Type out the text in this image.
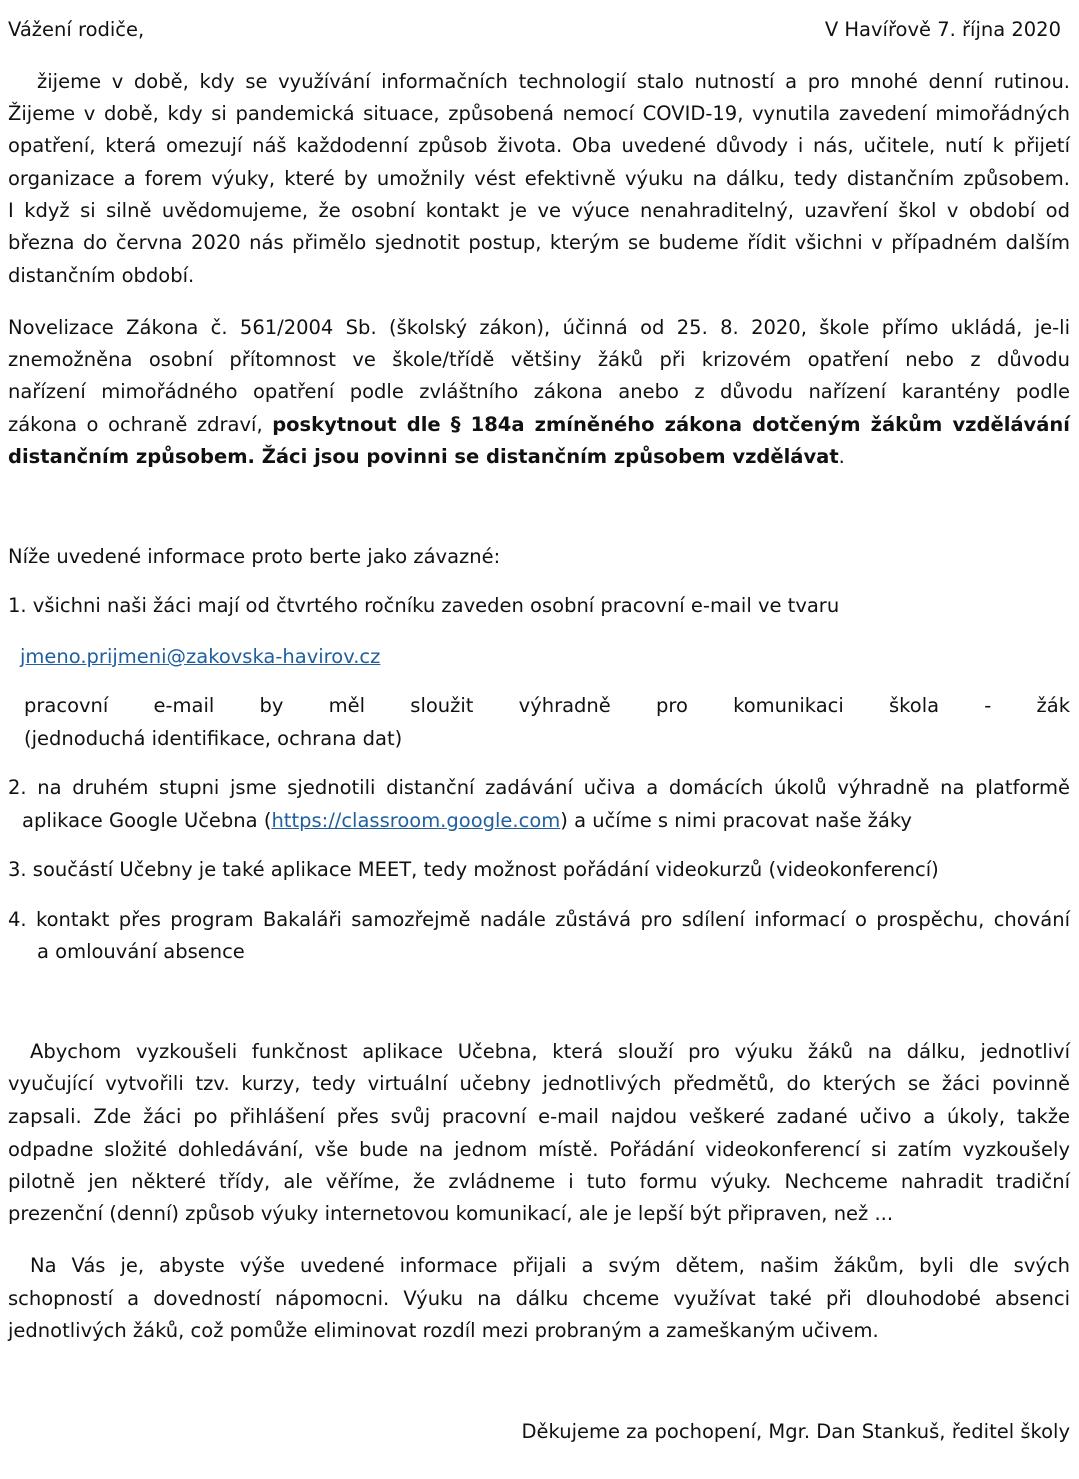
Vážení rodiče,	V Havířově 7. října 2020
žijeme v době, kdy se využívání informačních technologií stalo nutností a pro mnohé denní rutinou.
Žijeme v době, kdy si pandemická situace, způsobená nemocí COVID-19, vynutila zavedení mimořádných
opatření, která omezují náš každodenní způsob života. Oba uvedené důvody i nás, učitele, nutí k přijetí
organizace a forem výuky, které by umožnily vést efektivně výuku na dálku, tedy distančním způsobem.
I když si silně uvědomujeme, že osobní kontakt je ve výuce nenahraditelný, uzavření škol v období od
března do června 2020 nás přimělo sjednotit postup, kterým se budeme řídit všichni v případném dalším
distančním období.
Novelizace Zákona č. 561/2004 Sb. (školský zákon), účinná od 25. 8. 2020, škole přímo ukládá, je-li
znemožněna osobní přítomnost ve škole/třídě většiny žáků při krizovém opatření nebo z důvodu
nařízení mimořádného opatření podle zvláštního zákona anebo z důvodu nařízení karantény podle
zákona o ochraně zdraví, poskytnout dle § 184a zmíněného zákona dotčeným žákům vzdělávání
distančním způsobem. Žáci jsou povinni se distančním způsobem vzdělávat.
Níže uvedené informace proto berte jako závazné:
1. všichni naši žáci mají od čtvrtého ročníku zaveden osobní pracovní e-mail ve tvaru
jmeno.prijmeni@zakovska-havirov.cz
pracovní e-mail by měl sloužit výhradně pro komunikaci škola - žák
(jednoduchá identifikace, ochrana dat)
2. na druhém stupni jsme sjednotili distanční zadávání učiva a domácích úkolů výhradně na platformě
aplikace Google Učebna (https://classroom.google.com) a učíme s nimi pracovat naše žáky
3. součástí Učebny je také aplikace MEET, tedy možnost pořádání videokurzů (videokonferencí)
4. kontakt přes program Bakaláři samozřejmě nadále zůstává pro sdílení informací o prospěchu, chování
a omlouvání absence
Abychom vyzkoušeli funkčnost aplikace Učebna, která slouží pro výuku žáků na dálku, jednotliví
vyučující vytvořili tzv. kurzy, tedy virtuální učebny jednotlivých předmětů, do kterých se žáci povinně
zapsali. Zde žáci po přihlášení přes svůj pracovní e-mail najdou veškeré zadané učivo a úkoly, takže
odpadne složité dohledávání, vše bude na jednom místě. Pořádání videokonferencí si zatím vyzkoušely
pilotně jen některé třídy, ale věříme, že zvládneme i tuto formu výuky. Nechceme nahradit tradiční
prezenční (denní) způsob výuky internetovou komunikací, ale je lepší být připraven, než ...
Na Vás je, abyste výše uvedené informace přijali a svým dětem, našim žákům, byli dle svých
schopností a dovedností nápomocni. Výuku na dálku chceme využívat také při dlouhodobé absenci
jednotlivých žáků, což pomůže eliminovat rozdíl mezi probraným a zameškaným učivem.
Děkujeme za pochopení, Mgr. Dan Stankuš, ředitel školy
